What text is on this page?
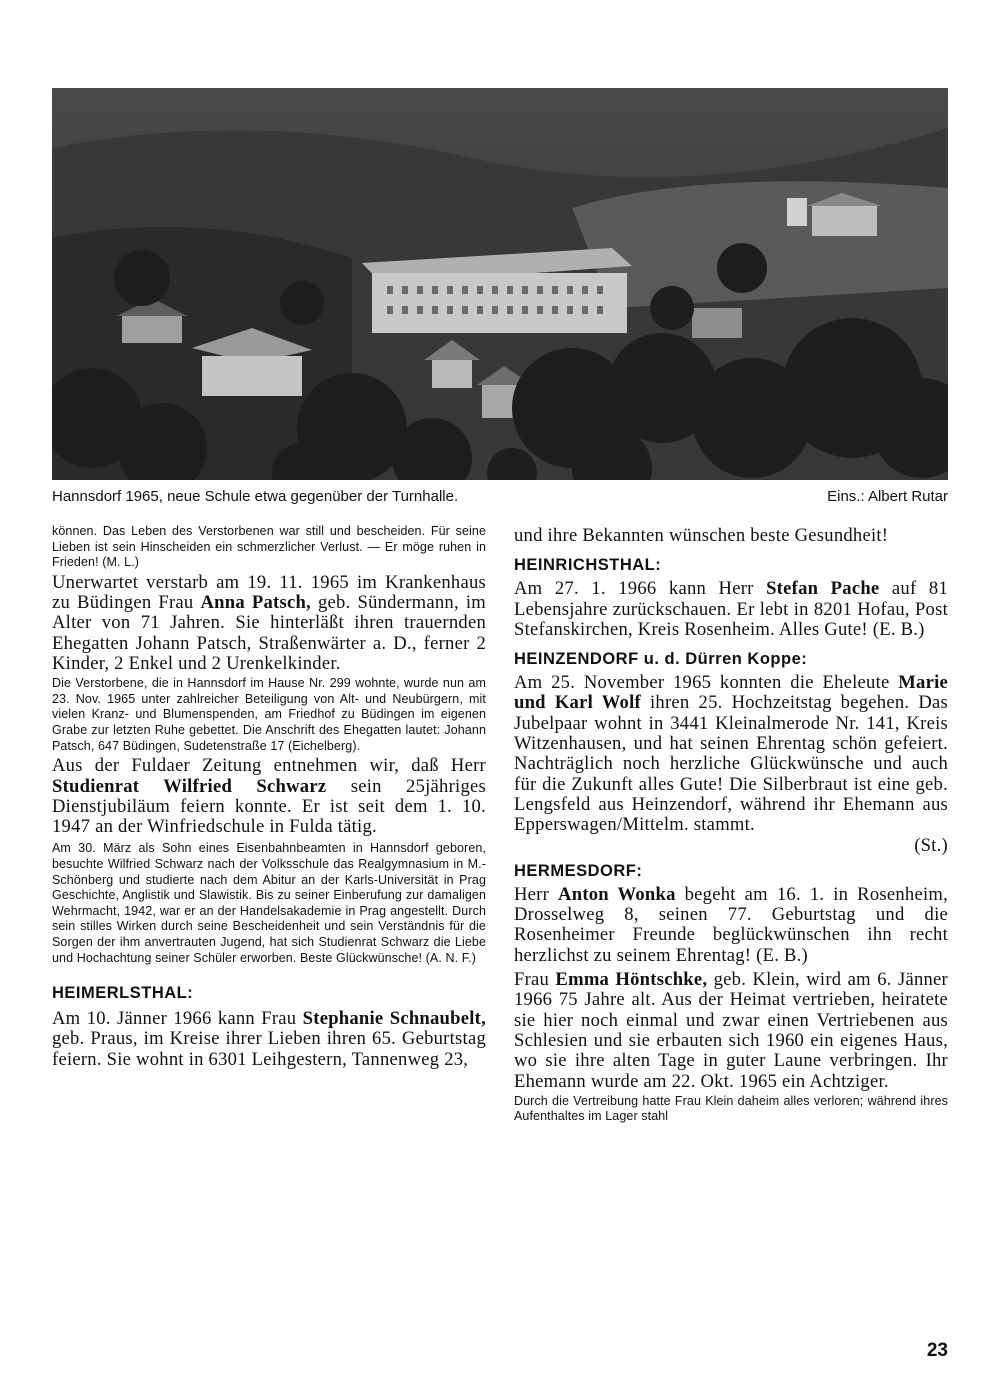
Hannsdorf 1965, neue Schule etwa gegenüber der Turnhalle.	Eins.: Albert Rutar

können. Das Leben des Verstorbenen war still und bescheiden. Für seine Lieben ist sein Hinscheiden ein schmerzlicher Verlust. — Er möge ruhen in Frieden! (M. L.)

Unerwartet verstarb am 19. 11. 1965 im Krankenhaus zu Büdingen Frau Anna Patsch, geb. Sündermann, im Alter von 71 Jahren. Sie hinterläßt ihren trauernden Ehegatten Johann Patsch, Straßenwärter a. D., ferner 2 Kinder, 2 Enkel und 2 Urenkelkinder.

Die Verstorbene, die in Hannsdorf im Hause Nr. 299 wohnte, wurde nun am 23. Nov. 1965 unter zahlreicher Beteiligung von Alt- und Neubürgern, mit vielen Kranz- und Blumenspenden, am Friedhof zu Büdingen im eigenen Grabe zur letzten Ruhe gebettet. Die Anschrift des Ehegatten lautet: Johann Patsch, 647 Büdingen, Sudetenstraße 17 (Eichelberg).

Aus der Fuldaer Zeitung entnehmen wir, daß Herr Studienrat Wilfried Schwarz sein 25jähriges Dienstjubiläum feiern konnte. Er ist seit dem 1. 10. 1947 an der Winfriedschule in Fulda tätig.

Am 30. März als Sohn eines Eisenbahnbeamten in Hannsdorf geboren, besuchte Wilfried Schwarz nach der Volksschule das Realgymnasium in M.-Schönberg und studierte nach dem Abitur an der Karls-Universität in Prag Geschichte, Anglistik und Slawistik. Bis zu seiner Einberufung zur damaligen Wehrmacht, 1942, war er an der Handelsakademie in Prag angestellt. Durch sein stilles Wirken durch seine Bescheidenheit und sein Verständnis für die Sorgen der ihm anvertrauten Jugend, hat sich Studienrat Schwarz die Liebe und Hochachtung seiner Schüler erworben. Beste Glückwünsche! (A. N. F.)

HEIMERLSTHAL:

Am 10. Jänner 1966 kann Frau Stephanie Schnaubelt, geb. Praus, im Kreise ihrer Lieben ihren 65. Geburtstag feiern. Sie wohnt in 6301 Leihgestern, Tannenweg 23,

und ihre Bekannten wünschen beste Gesundheit!

HEINRICHSTHAL:

Am 27. 1. 1966 kann Herr Stefan Pache auf 81 Lebensjahre zurückschauen. Er lebt in 8201 Hofau, Post Stefanskirchen, Kreis Rosenheim. Alles Gute! (E. B.)

HEINZENDORF u. d. Dürren Koppe:

Am 25. November 1965 konnten die Eheleute Marie und Karl Wolf ihren 25. Hochzeitstag begehen. Das Jubelpaar wohnt in 3441 Kleinalmerode Nr. 141, Kreis Witzenhausen, und hat seinen Ehrentag schön gefeiert. Nachträglich noch herzliche Glückwünsche und auch für die Zukunft alles Gute! Die Silberbraut ist eine geb. Lengsfeld aus Heinzendorf, während ihr Ehemann aus Epperswagen/Mittelm. stammt.

(St.)

HERMESDORF:

Herr Anton Wonka begeht am 16. 1. in Rosenheim, Drosselweg 8, seinen 77. Geburtstag und die Rosenheimer Freunde beglückwünschen ihn recht herzlichst zu seinem Ehrentag! (E. B.)

Frau Emma Höntschke, geb. Klein, wird am 6. Jänner 1966 75 Jahre alt. Aus der Heimat vertrieben, heiratete sie hier noch einmal und zwar einen Vertriebenen aus Schlesien und sie erbauten sich 1960 ein eigenes Haus, wo sie ihre alten Tage in guter Laune verbringen. Ihr Ehemann wurde am 22. Okt. 1965 ein Achtziger.

Durch die Vertreibung hatte Frau Klein daheim alles verloren; während ihres Aufenthaltes im Lager stahl

23
